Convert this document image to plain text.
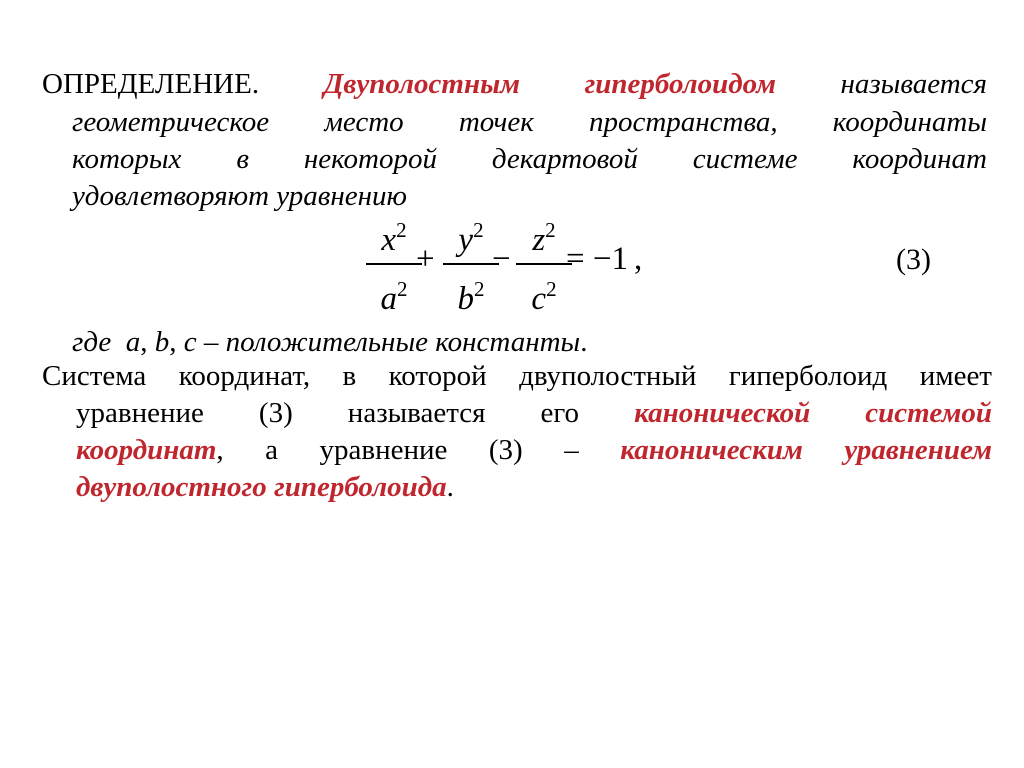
ОПРЕДЕЛЕНИЕ. Двуполостным гиперболоидом называется
геометрическое место точек пространства, координаты
которых в некоторой декартовой системе координат
удовлетворяют уравнению
$x^2$
$a^2$
+
$y^2$
$b^2$
−
$z^2$
$c^2$
= −1 ,	(3)
где a, b, c – положительные константы.
Система координат, в которой двуполостный гиперболоид имеет
уравнение (3) называется его канонической системой
координат, а уравнение (3) – каноническим уравнением
двуполостного гиперболоида.
